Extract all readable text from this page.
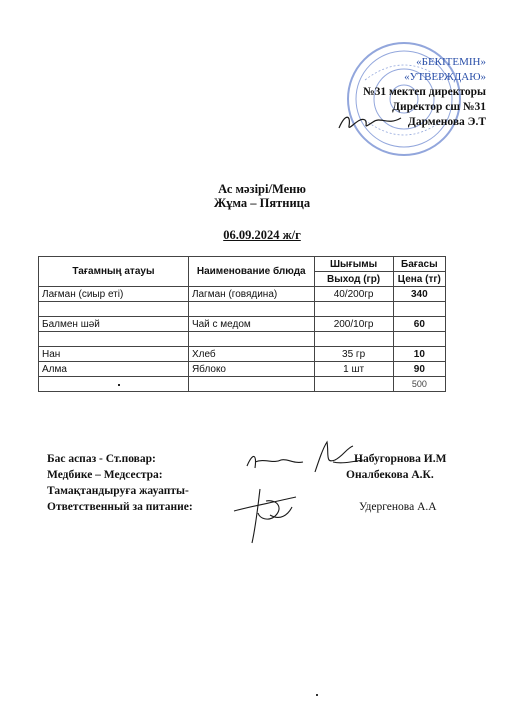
«БЕКІТЕМІН»
«УТВЕРЖДАЮ»
№31 мектеп директоры
Директор сш №31
Дарменова Э.Т
Ас мәзірі/Меню
Жұма – Пятница
06.09.2024 ж/г
Тағамның атауы	Наименование блюда	Шығымы	Бағасы
		Выход (гр)	Цена (тг)
Лағман (сиыр еті)	Лагман (говядина)	40/200гр	340

Балмен шәй	Чай с медом	200/10гр	60

Нан	Хлеб	35 гр	10
Алма	Яблоко	1 шт	90
			500
Бас аспаз - Ст.повар:
Медбике – Медсестра:
Тамақтандыруға жауапты-
Ответственный за питание:
Набугорнова И.М
Оналбекова А.К.
Удергенова А.А
